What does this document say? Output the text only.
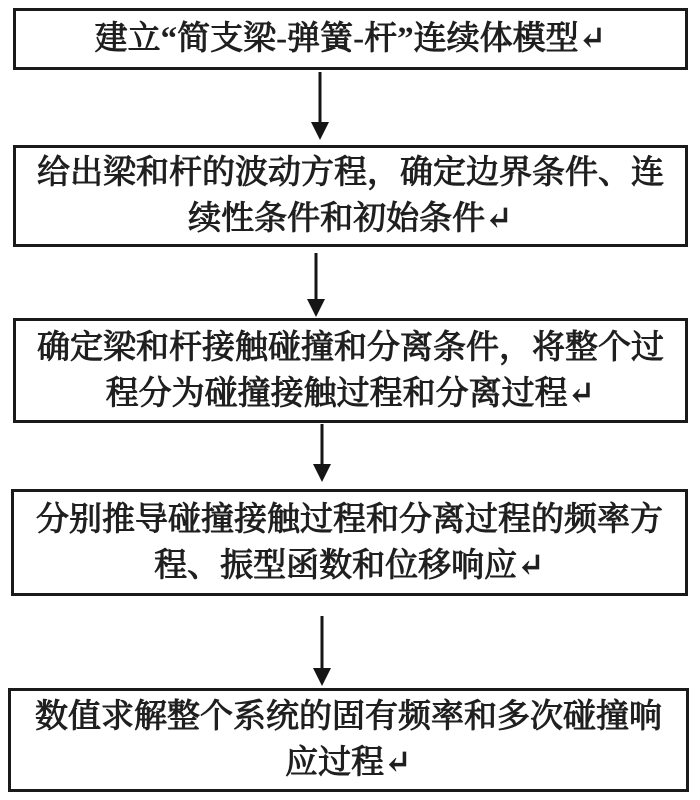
建立“简支梁-弹簧-杆”连续体模型↵
给出梁和杆的波动方程，确定边界条件、连
续性条件和初始条件↵
确定梁和杆接触碰撞和分离条件，将整个过
程分为碰撞接触过程和分离过程↵
分别推导碰撞接触过程和分离过程的频率方
程、振型函数和位移响应↵
数值求解整个系统的固有频率和多次碰撞响
应过程↵
